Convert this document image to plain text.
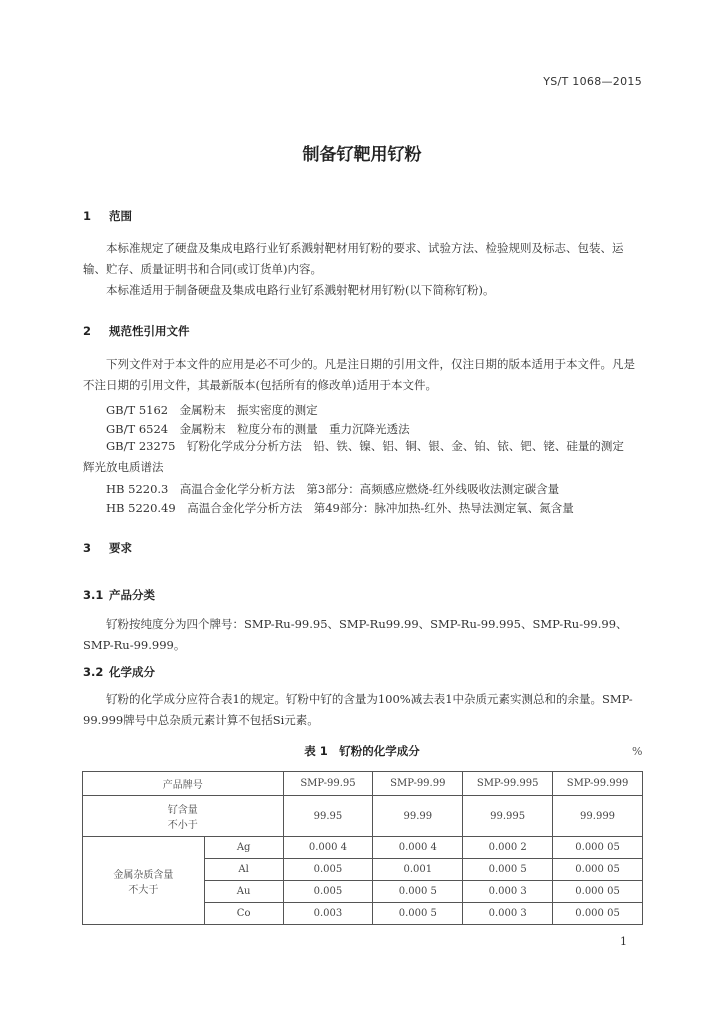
YS/T 1068—2015
制备钌靶用钌粉
1 范围
本标准规定了硬盘及集成电路行业钌系溅射靶材用钌粉的要求、试验方法、检验规则及标志、包装、运输、贮存、质量证明书和合同(或订货单)内容。
本标准适用于制备硬盘及集成电路行业钌系溅射靶材用钌粉(以下简称钌粉)。
2 规范性引用文件
下列文件对于本文件的应用是必不可少的。凡是注日期的引用文件，仅注日期的版本适用于本文件。凡是不注日期的引用文件，其最新版本(包括所有的修改单)适用于本文件。
GB/T 5162　金属粉末　振实密度的测定
GB/T 6524　金属粉末　粒度分布的测量　重力沉降光透法
GB/T 23275　钌粉化学成分分析方法　铅、铁、镍、铝、铜、银、金、铂、铱、钯、铑、硅量的测定　辉光放电质谱法
HB 5220.3　高温合金化学分析方法　第3部分：高频感应燃烧-红外线吸收法测定碳含量
HB 5220.49　高温合金化学分析方法　第49部分：脉冲加热-红外、热导法测定氧、氮含量
3 要求
3.1 产品分类
钌粉按纯度分为四个牌号：SMP-Ru-99.95、SMP-Ru99.99、SMP-Ru-99.995、SMP-Ru-99.99、SMP-Ru-99.999。
3.2 化学成分
钌粉的化学成分应符合表1的规定。钌粉中钌的含量为100%减去表1中杂质元素实测总和的余量。SMP-99.999牌号中总杂质元素计算不包括Si元素。
表 1　钌粉的化学成分	%
产品牌号		SMP-99.95	SMP-99.99	SMP-99.995	SMP-99.999

钌含量
不小于		99.95	99.99	99.995	99.999

金属杂质含量
不大于	Ag	0.000 4	0.000 4	0.000 2	0.000 05
	Al	0.005	0.001	0.000 5	0.000 05
	Au	0.005	0.000 5	0.000 3	0.000 05
	Co	0.003	0.000 5	0.000 3	0.000 05
1
